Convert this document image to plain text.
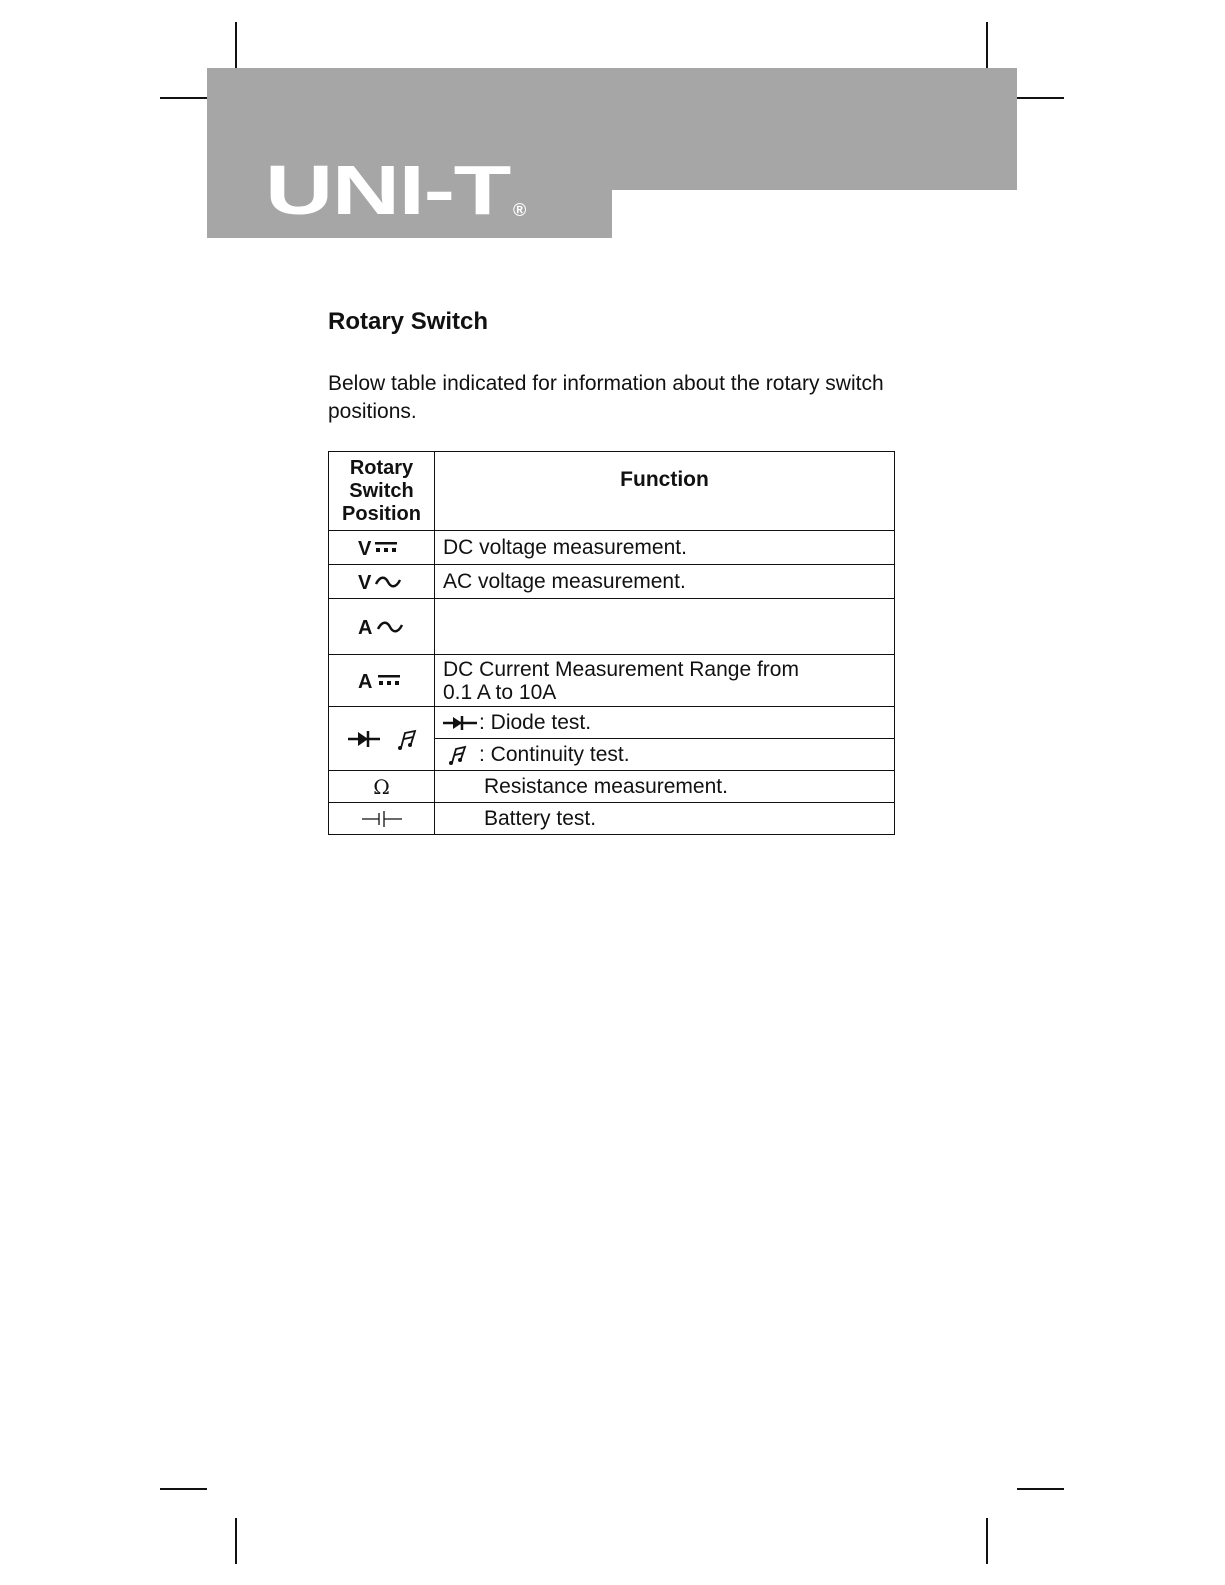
UNI-T ®
Rotary Switch

Below table indicated for information about the rotary switch positions.

Rotary
Switch
Position	Function

V	DC voltage measurement.

V	AC voltage measurement.

A	

A	DC Current Measurement Range from
0.1 A to 10A

	: Diode test.
	: Continuity test.
Ω	Resistance measurement.
	Battery test.
